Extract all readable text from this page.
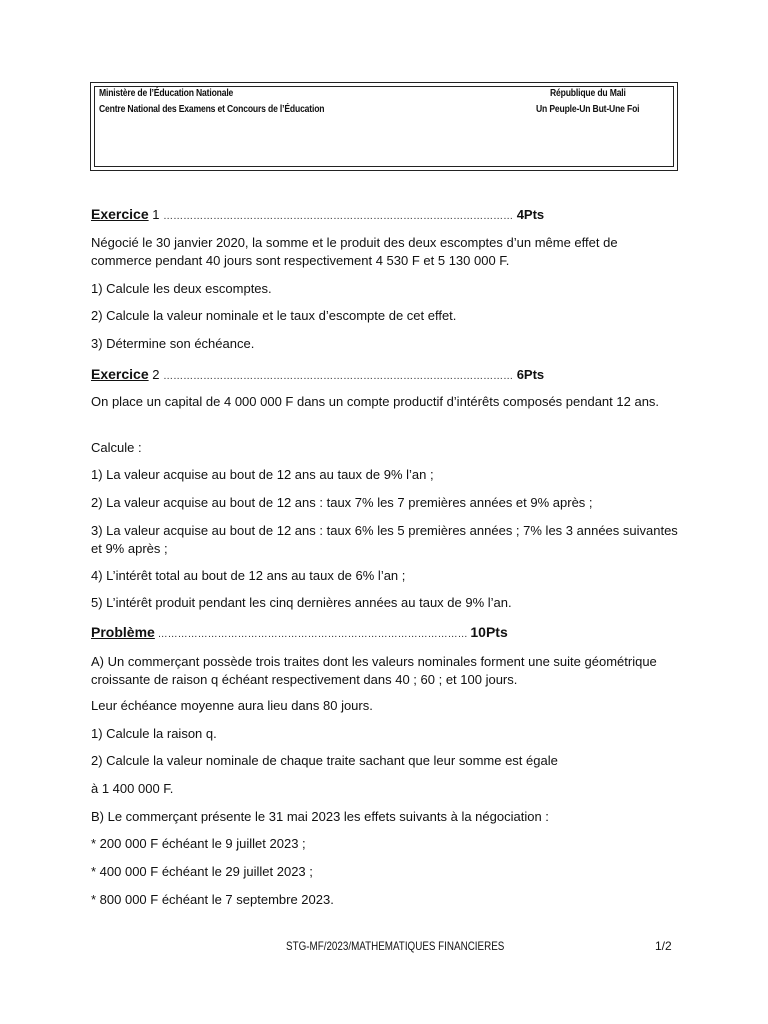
Ministère de l’Éducation Nationale
Centre National des Examens et Concours de l’Éducation
République du Mali
Un Peuple-Un But-Une Foi
Exercice 1 …………………………………………………………………………………………… 4Pts
Négocié le 30 janvier 2020, la somme et le produit des deux escomptes d’un même effet de commerce pendant 40 jours sont respectivement 4 530 F et 5 130 000 F.
1) Calcule les deux escomptes.
2) Calcule la valeur nominale et le taux d’escompte de cet effet.
3) Détermine son échéance.
Exercice 2 …………………………………………………………………………………………… 6Pts
On place un capital de 4 000 000 F dans un compte productif d’intérêts composés pendant 12 ans.
Calcule :
1) La valeur acquise au bout de 12 ans au taux de 9% l’an ;
2) La valeur acquise au bout de 12 ans : taux 7% les 7 premières années et 9% après ;
3) La valeur acquise au bout de 12 ans : taux 6% les 5 premières années ; 7% les 3 années suivantes et 9% après ;
4) L’intérêt total au bout de 12 ans au taux de 6% l’an ;
5) L’intérêt produit pendant les cinq dernières années au taux de 9% l’an.
Problème ………………………………………………………………………………… 10Pts
A) Un commerçant possède trois traites dont les valeurs nominales forment une suite géométrique croissante de raison q échéant respectivement dans 40 ; 60 ; et 100 jours.
Leur échéance moyenne aura lieu dans 80 jours.
1) Calcule la raison q.
2) Calcule la valeur nominale de chaque traite sachant que leur somme est égale
à 1 400 000 F.
B) Le commerçant présente le 31 mai 2023 les effets suivants à la négociation :
* 200 000 F échéant le 9 juillet 2023 ;
* 400 000 F échéant le 29 juillet 2023 ;
* 800 000 F échéant le 7 septembre 2023.
STG-MF/2023/MATHEMATIQUES FINANCIERES	1/2
